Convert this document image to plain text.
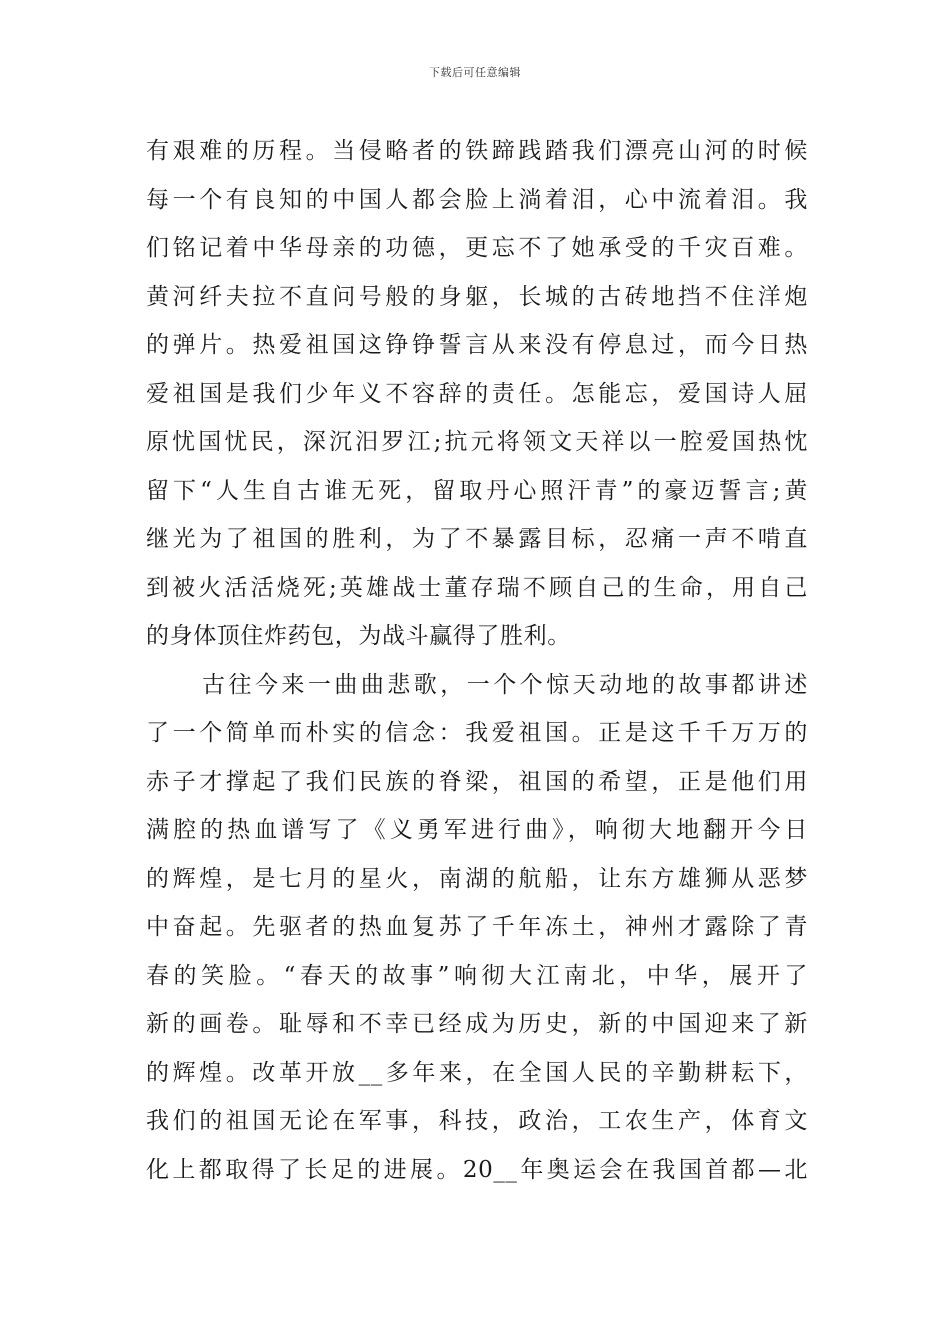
下载后可任意编辑
有艰难的历程。当侵略者的铁蹄践踏我们漂亮山河的时候
每一个有良知的中国人都会脸上淌着泪，心中流着泪。我
们铭记着中华母亲的功德，更忘不了她承受的千灾百难。
黄河纤夫拉不直问号般的身躯，长城的古砖地挡不住洋炮
的弹片。热爱祖国这铮铮誓言从来没有停息过，而今日热
爱祖国是我们少年义不容辞的责任。怎能忘，爱国诗人屈
原忧国忧民，深沉汨罗江;抗元将领文天祥以一腔爱国热忱
留下“人生自古谁无死，留取丹心照汗青”的豪迈誓言;黄
继光为了祖国的胜利，为了不暴露目标，忍痛一声不啃直
到被火活活烧死;英雄战士董存瑞不顾自己的生命，用自己
的身体顶住炸药包，为战斗赢得了胜利。
古往今来一曲曲悲歌，一个个惊天动地的故事都讲述
了一个简单而朴实的信念：我爱祖国。正是这千千万万的
赤子才撑起了我们民族的脊梁，祖国的希望，正是他们用
满腔的热血谱写了《义勇军进行曲》，响彻大地翻开今日
的辉煌，是七月的星火，南湖的航船，让东方雄狮从恶梦
中奋起。先驱者的热血复苏了千年冻土，神州才露除了青
春的笑脸。“春天的故事”响彻大江南北，中华，展开了
新的画卷。耻辱和不幸已经成为历史，新的中国迎来了新
的辉煌。改革开放__多年来，在全国人民的辛勤耕耘下，
我们的祖国无论在军事，科技，政治，工农生产，体育文
化上都取得了长足的进展。20__年奥运会在我国首都—北
